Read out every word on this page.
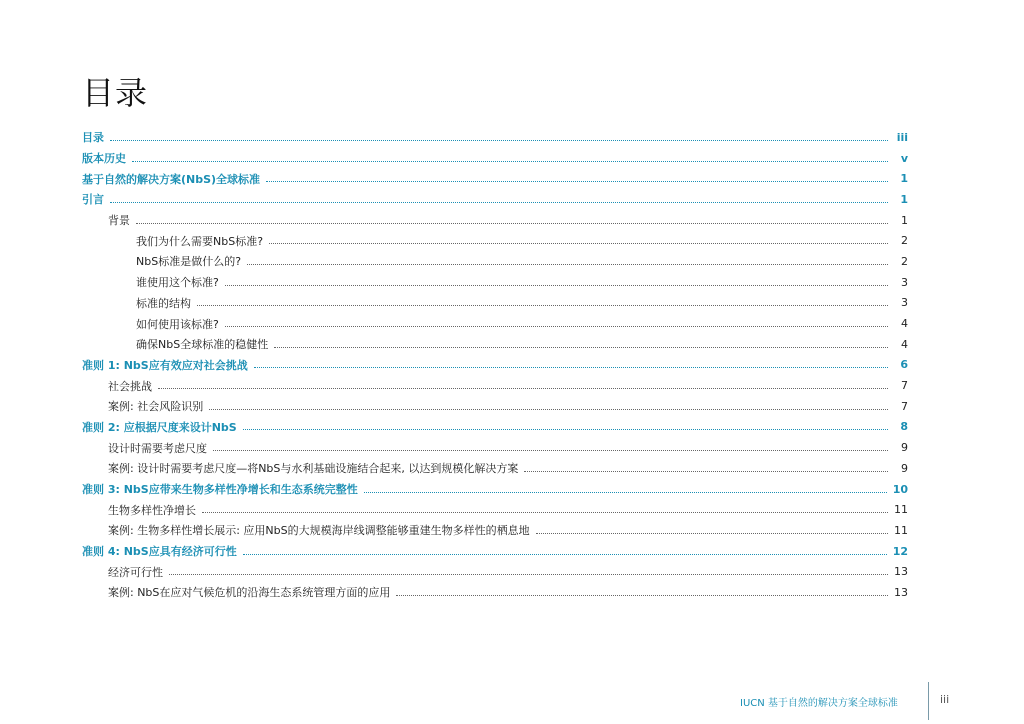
目录
目录	iii
版本历史	v
基于自然的解决方案(NbS)全球标准	1
引言	1
背景	1
我们为什么需要NbS标准?	2
NbS标准是做什么的?	2
谁使用这个标准?	3
标准的结构	3
如何使用该标准?	4
确保NbS全球标准的稳健性	4
准则 1: NbS应有效应对社会挑战	6
社会挑战	7
案例: 社会风险识别	7
准则 2: 应根据尺度来设计NbS	8
设计时需要考虑尺度	9
案例: 设计时需要考虑尺度—将NbS与水利基础设施结合起来, 以达到规模化解决方案	9
准则 3: NbS应带来生物多样性净增长和生态系统完整性	10
生物多样性净增长	11
案例: 生物多样性增长展示: 应用NbS的大规模海岸线调整能够重建生物多样性的栖息地	11
准则 4: NbS应具有经济可行性	12
经济可行性	13
案例: NbS在应对气候危机的沿海生态系统管理方面的应用	13
IUCN 基于自然的解决方案全球标准	iii
